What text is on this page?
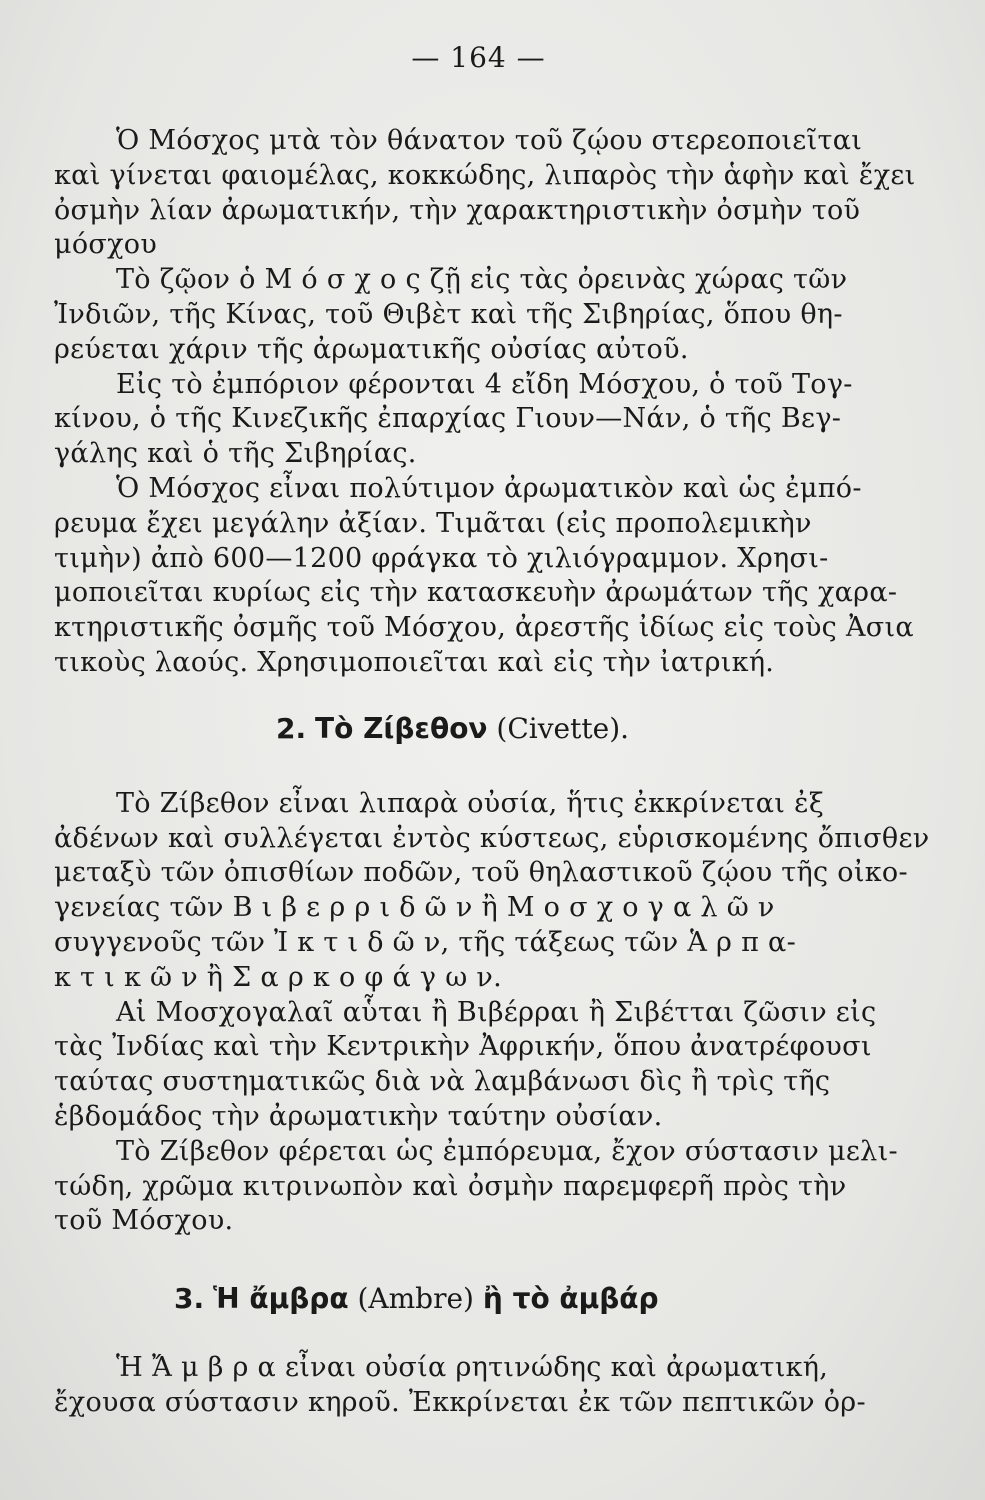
— 164 —

Ὁ Μόσχος μτὰ τὸν θάνατον τοῦ ζῴου στερεοποιεῖται
καὶ γίνεται φαιομέλας, κοκκώδης, λιπαρὸς τὴν ἁφὴν καὶ ἔχει
ὀσμὴν λίαν ἀρωματικήν, τὴν χαρακτηριστικὴν ὀσμὴν τοῦ
μόσχου
Τὸ ζῷον ὁ Μ ό σ χ ο ς ζῇ εἰς τὰς ὀρεινὰς χώρας τῶν
Ἰνδιῶν, τῆς Κίνας, τοῦ Θιβὲτ καὶ τῆς Σιβηρίας, ὅπου θη-
ρεύεται χάριν τῆς ἀρωματικῆς οὐσίας αὐτοῦ.
Εἰς τὸ ἐμπόριον φέρονται 4 εἴδη Μόσχου, ὁ τοῦ Τογ-
κίνου, ὁ τῆς Κινεζικῆς ἐπαρχίας Γιουν—Νάν, ὁ τῆς Βεγ-
γάλης καὶ ὁ τῆς Σιβηρίας.
Ὁ Μόσχος εἶναι πολύτιμον ἀρωματικὸν καὶ ὡς ἐμπό-
ρευμα ἔχει μεγάλην ἀξίαν. Τιμᾶται (εἰς προπολεμικὴν
τιμὴν) ἀπὸ 600—1200 φράγκα τὸ χιλιόγραμμον. Χρησι-
μοποιεῖται κυρίως εἰς τὴν κατασκευὴν ἀρωμάτων τῆς χαρα-
κτηριστικῆς ὀσμῆς τοῦ Μόσχου, ἀρεστῆς ἰδίως εἰς τοὺς Ἀσια
τικοὺς λαούς. Χρησιμοποιεῖται καὶ εἰς τὴν ἰατρική.

2. Τὸ Ζίβεθον (Civette).

Τὸ Ζίβεθον εἶναι λιπαρὰ οὐσία, ἥτις ἐκκρίνεται ἐξ
ἀδένων καὶ συλλέγεται ἐντὸς κύστεως, εὑρισκομένης ὄπισθεν
μεταξὺ τῶν ὀπισθίων ποδῶν, τοῦ θηλαστικοῦ ζῴου τῆς οἰκο-
γενείας τῶν Β ι β ε ρ ρ ι δ ῶ ν ἢ Μ ο σ χ ο γ α λ ῶ ν
συγγενοῦς τῶν Ἰ κ τ ι δ ῶ ν, τῆς τάξεως τῶν Ἁ ρ π α-
κ τ ι κ ῶ ν ἢ Σ α ρ κ ο φ ά γ ω ν.
Αἱ Μοσχογαλαῖ αὗται ἢ Βιβέρραι ἢ Σιβέτται ζῶσιν εἰς
τὰς Ἰνδίας καὶ τὴν Κεντρικὴν Ἀφρικήν, ὅπου ἀνατρέφουσι
ταύτας συστηματικῶς διὰ νὰ λαμβάνωσι δὶς ἢ τρὶς τῆς
ἑβδομάδος τὴν ἀρωματικὴν ταύτην οὐσίαν.
Τὸ Ζίβεθον φέρεται ὡς ἐμπόρευμα, ἔχον σύστασιν μελι-
τώδη, χρῶμα κιτρινωπὸν καὶ ὀσμὴν παρεμφερῆ πρὸς τὴν
τοῦ Μόσχου.

3. Ἡ ἄμβρα (Ambre) ἢ τὸ ἀμβάρ

Ἡ Ἄ μ β ρ α εἶναι οὐσία ρητινώδης καὶ ἀρωματική,
ἔχουσα σύστασιν κηροῦ. Ἐκκρίνεται ἐκ τῶν πεπτικῶν ὀρ-
